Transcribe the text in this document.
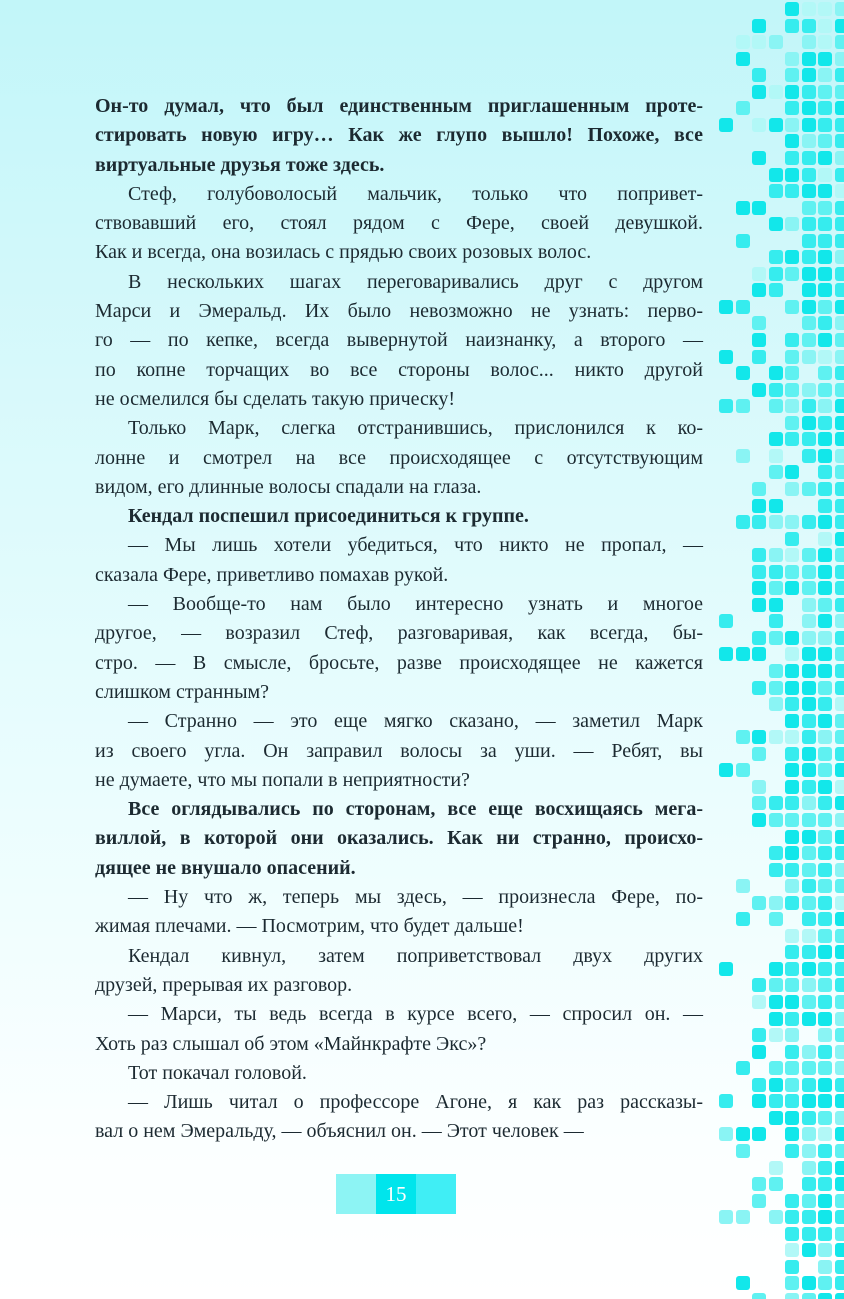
Он-то думал, что был единственным приглашенным проте-
стировать новую игру… Как же глупо вышло! Похоже, все
виртуальные друзья тоже здесь.
Стеф, голубоволосый мальчик, только что попривет-
ствовавший его, стоял рядом с Фере, своей девушкой.
Как и всегда, она возилась с прядью своих розовых волос.
В нескольких шагах переговаривались друг с другом
Марси и Эмеральд. Их было невозможно не узнать: перво-
го — по кепке, всегда вывернутой наизнанку, а второго —
по копне торчащих во все стороны волос... никто другой
не осмелился бы сделать такую прическу!
Только Марк, слегка отстранившись, прислонился к ко-
лонне и смотрел на все происходящее с отсутствующим
видом, его длинные волосы спадали на глаза.
Кендал поспешил присоединиться к группе.
— Мы лишь хотели убедиться, что никто не пропал, —
сказала Фере, приветливо помахав рукой.
— Вообще-то нам было интересно узнать и многое
другое, — возразил Стеф, разговаривая, как всегда, бы-
стро. — В смысле, бросьте, разве происходящее не кажется
слишком странным?
— Странно — это еще мягко сказано, — заметил Марк
из своего угла. Он заправил волосы за уши. — Ребят, вы
не думаете, что мы попали в неприятности?
Все оглядывались по сторонам, все еще восхищаясь мега-
виллой, в которой они оказались. Как ни странно, происхо-
дящее не внушало опасений.
— Ну что ж, теперь мы здесь, — произнесла Фере, по-
жимая плечами. — Посмотрим, что будет дальше!
Кендал кивнул, затем поприветствовал двух других
друзей, прерывая их разговор.
— Марси, ты ведь всегда в курсе всего, — спросил он. —
Хоть раз слышал об этом «Майнкрафте Экс»?
Тот покачал головой.
— Лишь читал о профессоре Агоне, я как раз рассказы-
вал о нем Эмеральду, — объяснил он. — Этот человек —
15
